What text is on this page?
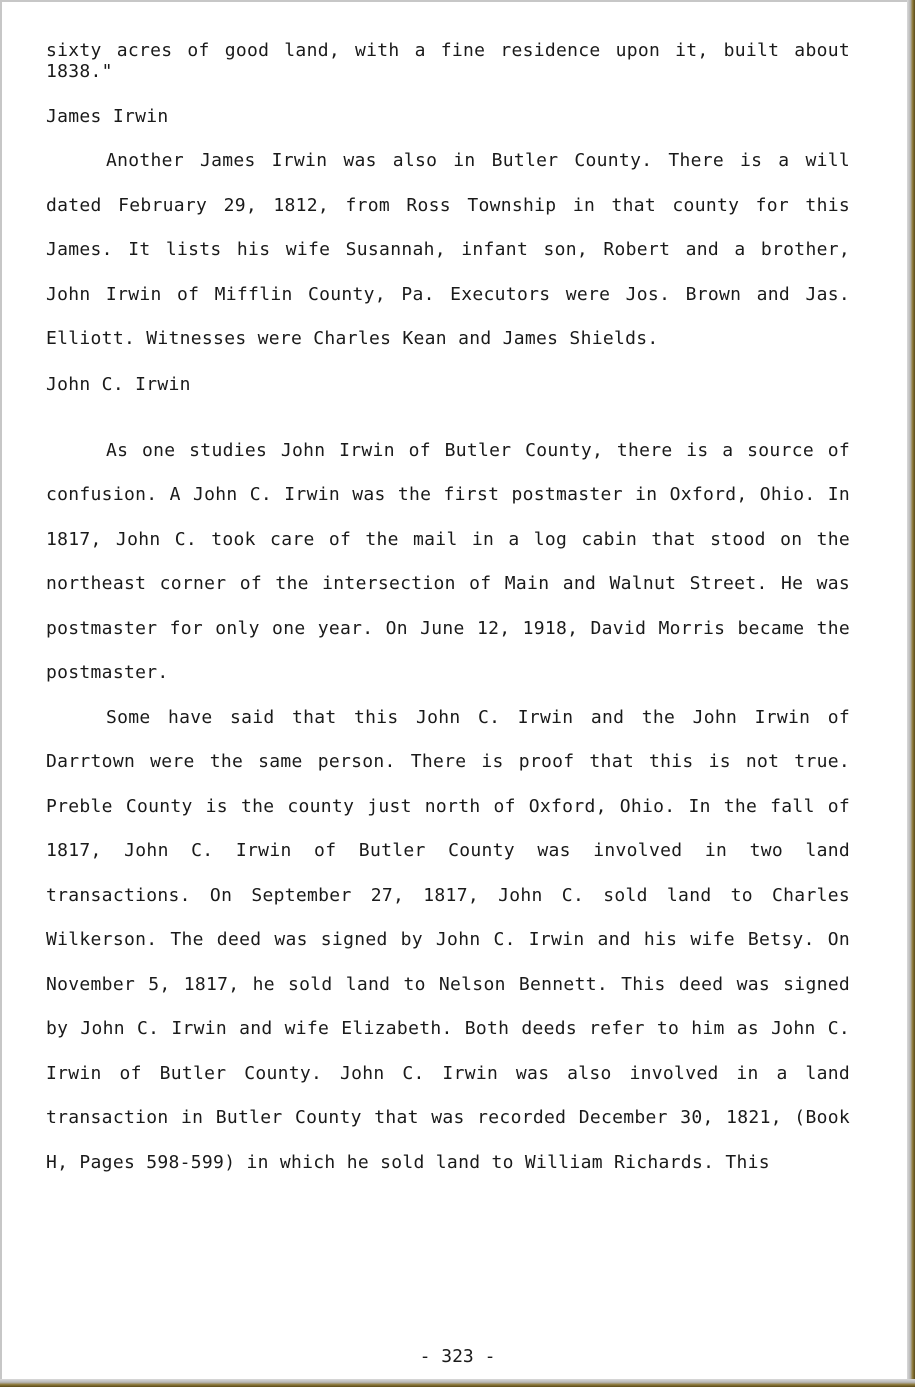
sixty acres of good land, with a fine residence upon it, built about 1838."

James Irwin

Another James Irwin was also in Butler County. There is a will dated February 29, 1812, from Ross Township in that county for this James. It lists his wife Susannah, infant son, Robert and a brother, John Irwin of Mifflin County, Pa. Executors were Jos. Brown and Jas. Elliott. Witnesses were Charles Kean and James Shields.

John C. Irwin

As one studies John Irwin of Butler County, there is a source of confusion. A John C. Irwin was the first postmaster in Oxford, Ohio. In 1817, John C. took care of the mail in a log cabin that stood on the northeast corner of the intersection of Main and Walnut Street. He was postmaster for only one year. On June 12, 1918, David Morris became the postmaster.

Some have said that this John C. Irwin and the John Irwin of Darrtown were the same person. There is proof that this is not true. Preble County is the county just north of Oxford, Ohio. In the fall of 1817, John C. Irwin of Butler County was involved in two land transactions. On September 27, 1817, John C. sold land to Charles Wilkerson. The deed was signed by John C. Irwin and his wife Betsy. On November 5, 1817, he sold land to Nelson Bennett. This deed was signed by John C. Irwin and wife Elizabeth. Both deeds refer to him as John C. Irwin of Butler County. John C. Irwin was also involved in a land transaction in Butler County that was recorded December 30, 1821, (Book H, Pages 598-599) in which he sold land to William Richards. This

- 323 -
